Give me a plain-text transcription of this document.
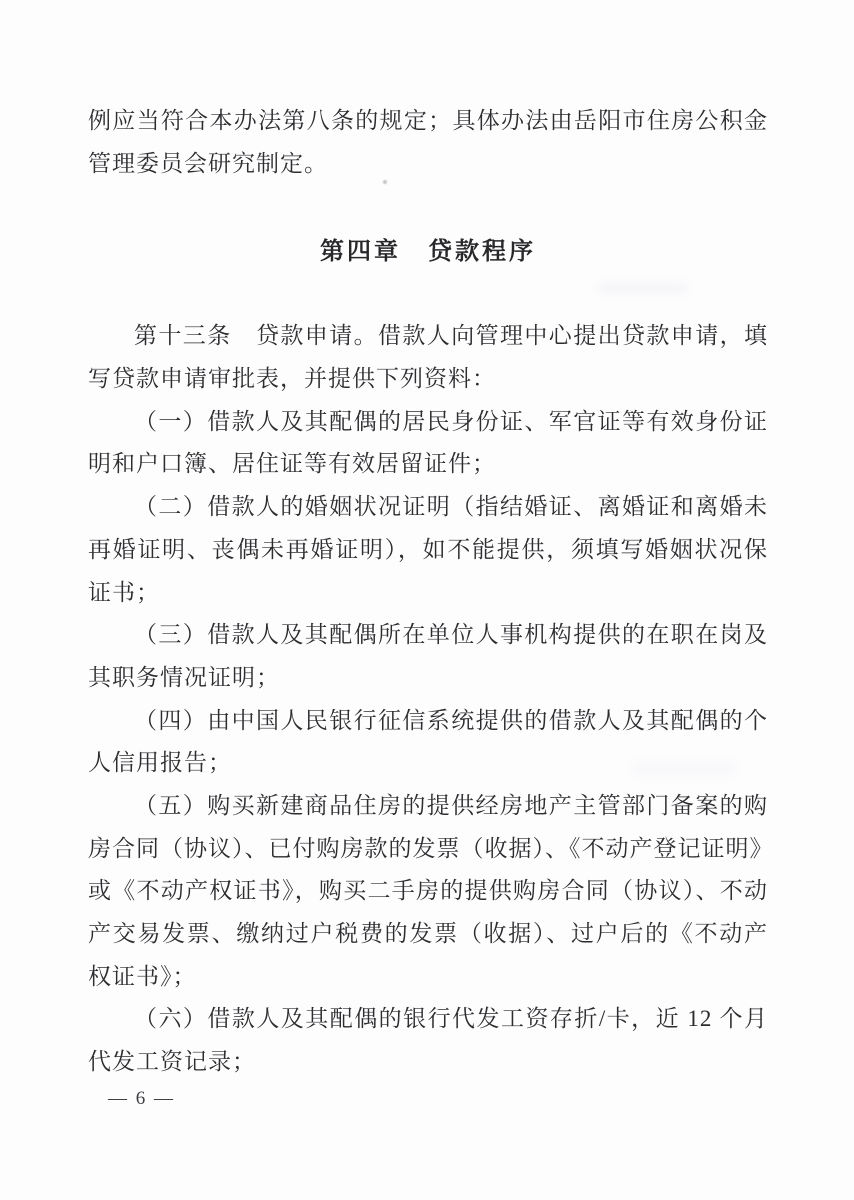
例应当符合本办法第八条的规定；具体办法由岳阳市住房公积金
管理委员会研究制定。
第四章　贷款程序
第十三条　贷款申请。借款人向管理中心提出贷款申请，填
写贷款申请审批表，并提供下列资料：
（一）借款人及其配偶的居民身份证、军官证等有效身份证
明和户口簿、居住证等有效居留证件；
（二）借款人的婚姻状况证明（指结婚证、离婚证和离婚未
再婚证明、丧偶未再婚证明），如不能提供，须填写婚姻状况保
证书；
（三）借款人及其配偶所在单位人事机构提供的在职在岗及
其职务情况证明；
（四）由中国人民银行征信系统提供的借款人及其配偶的个
人信用报告；
（五）购买新建商品住房的提供经房地产主管部门备案的购
房合同（协议）、已付购房款的发票（收据）、《不动产登记证明》
或《不动产权证书》，购买二手房的提供购房合同（协议）、不动
产交易发票、缴纳过户税费的发票（收据）、过户后的《不动产
权证书》；
（六）借款人及其配偶的银行代发工资存折/卡，近 12 个月
代发工资记录；
— 6 —
